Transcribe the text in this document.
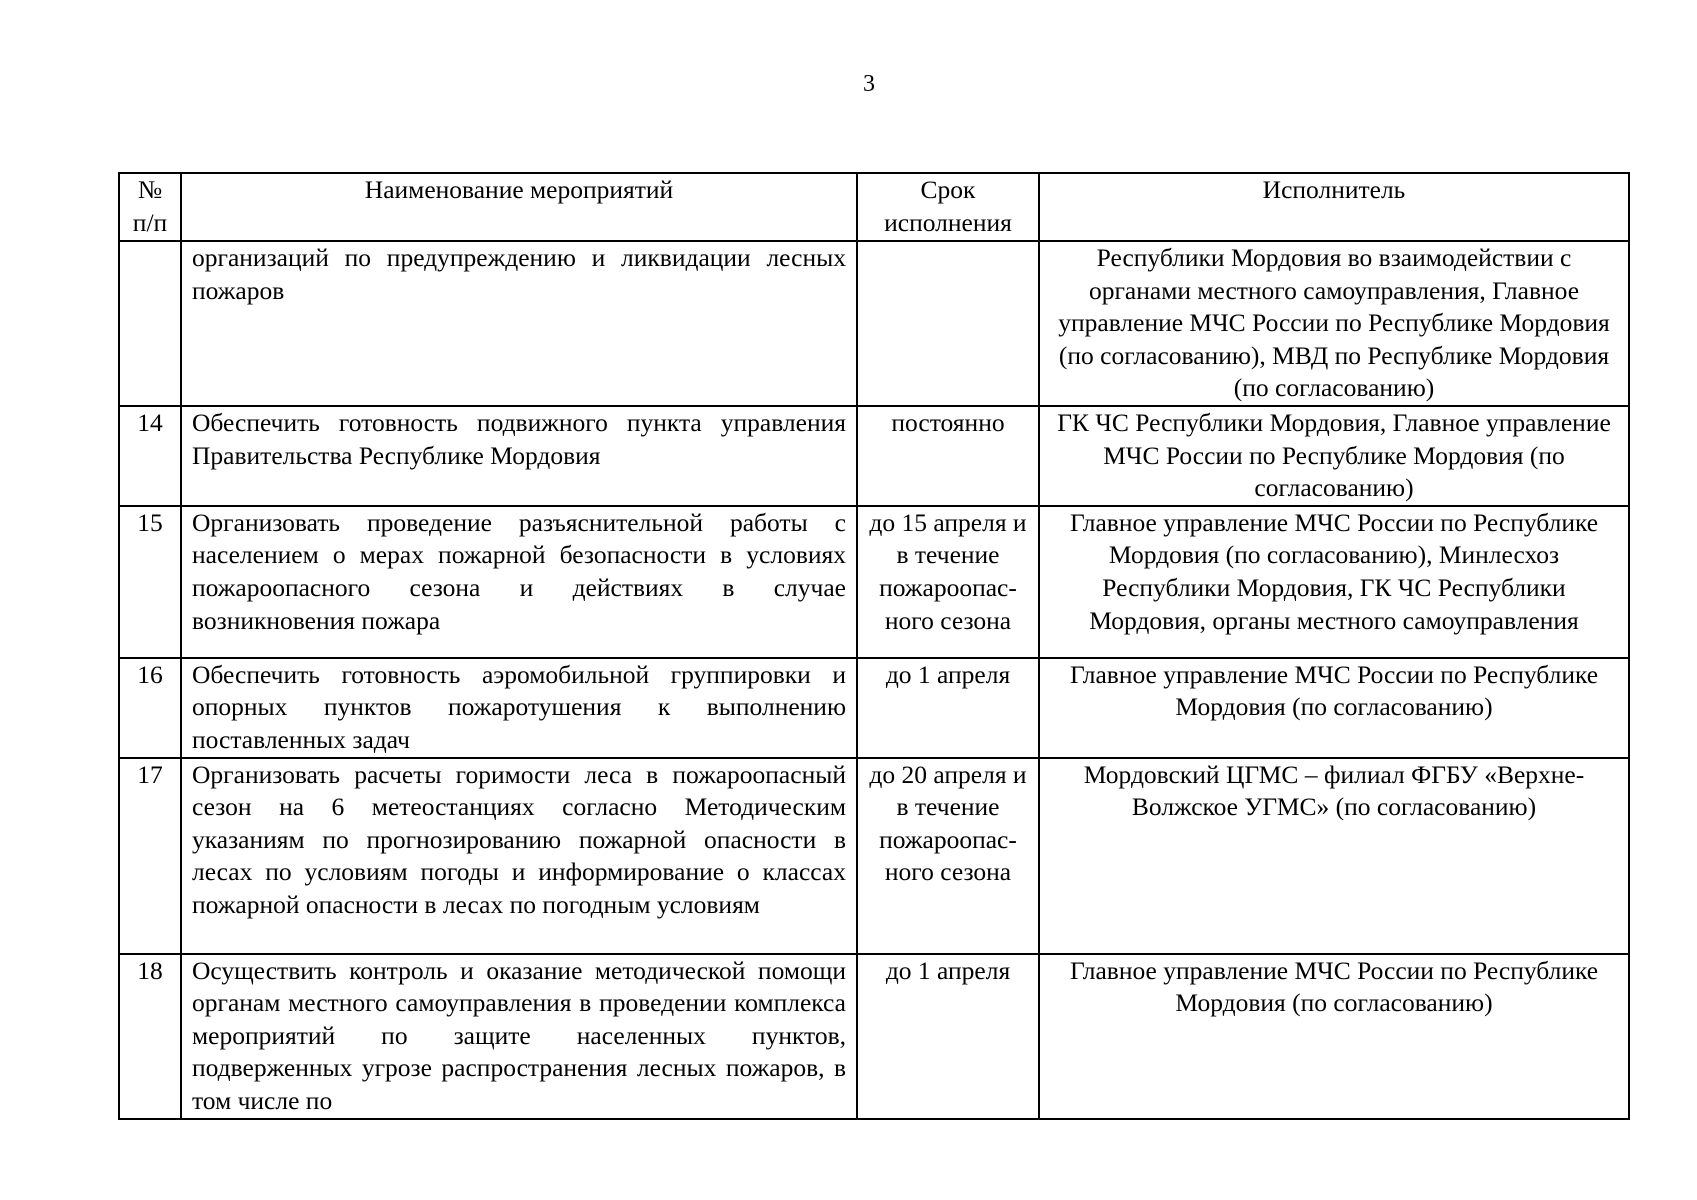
3
№ п/п	Наименование мероприятий	Срок исполнения	Исполнитель
	организаций по предупреждению и ликвидации лесных пожаров		Республики Мордовия во взаимодействии с органами местного самоуправления, Главное управление МЧС России по Республике Мордовия (по согласованию), МВД по Республике Мордовия (по согласованию)
14	Обеспечить готовность подвижного пункта управления Правительства Республике Мордовия	постоянно	ГК ЧС Республики Мордовия, Главное управление МЧС России по Республике Мордовия (по согласованию)
15	Организовать проведение разъяснительной работы с населением о мерах пожарной безопасности в условиях пожароопасного сезона и действиях в случае возникновения пожара	до 15 апреля и в течение пожароопас-ного сезона	Главное управление МЧС России по Республике Мордовия (по согласованию), Минлесхоз Республики Мордовия, ГК ЧС Республики Мордовия, органы местного самоуправления
16	Обеспечить готовность аэромобильной группировки и опорных пунктов пожаротушения к выполнению поставленных задач	до 1 апреля	Главное управление МЧС России по Республике Мордовия (по согласованию)
17	Организовать расчеты горимости леса в пожароопасный сезон на 6 метеостанциях согласно Методическим указаниям по прогнозированию пожарной опасности в лесах по условиям погоды и информирование о классах пожарной опасности в лесах по погодным условиям	до 20 апреля и в течение пожароопас-ного сезона	Мордовский ЦГМС – филиал ФГБУ «Верхне-Волжское УГМС» (по согласованию)
18	Осуществить контроль и оказание методической помощи органам местного самоуправления в проведении комплекса мероприятий по защите населенных пунктов, подверженных угрозе распространения лесных пожаров, в том числе по	до 1 апреля	Главное управление МЧС России по Республике Мордовия (по согласованию)
